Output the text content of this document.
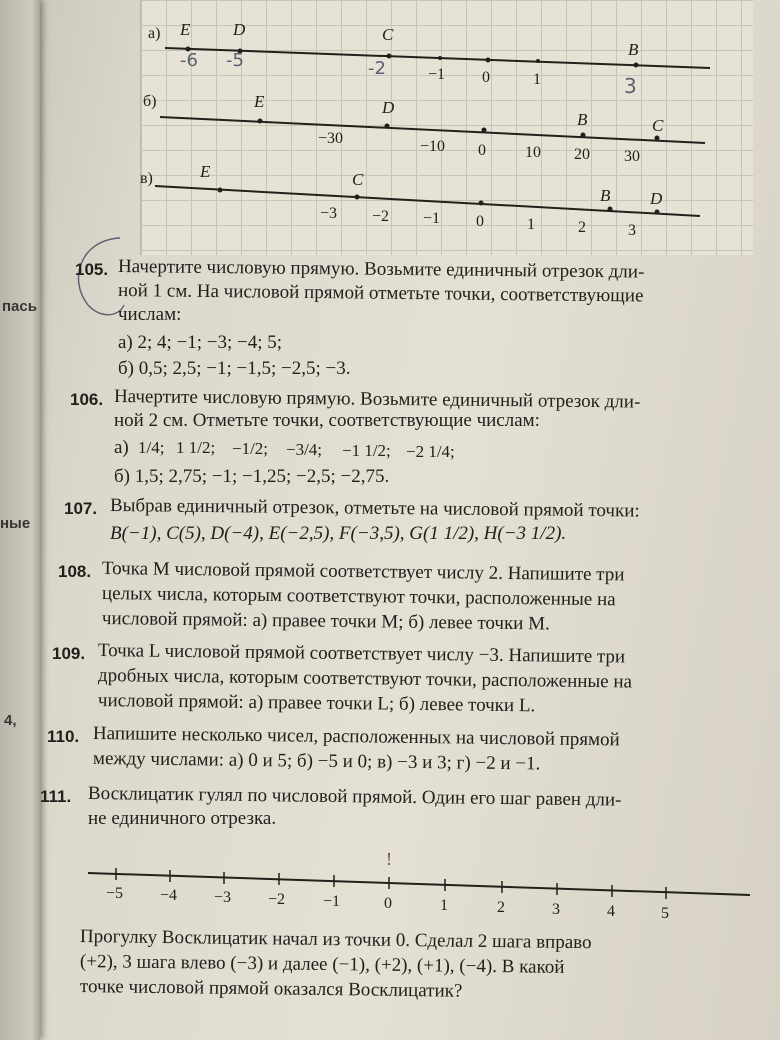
пась
ные
4,
а) E	D	C
B
−1 0	1
-6 -5	-2
3
б)	E	D
B	C
−30	−10 0 10 20 30
в)	E	C
B D
−3 −2 −1 0	1	2	3
105. Начертите числовую прямую. Возьмите единичный отрезок дли-
ной 1 см. На числовой прямой отметьте точки, соответствующие
числам:
а) 2; 4; −1; −3; −4; 5;
б) 0,5; 2,5; −1; −1,5; −2,5; −3.
106. Начертите числовую прямую. Возьмите единичный отрезок дли-
ной 2 см. Отметьте точки, соответствующие числам:
а) 1/4; 1 1/2; −1/2; −3/4; −1 1/2; −2 1/4;
б) 1,5; 2,75; −1; −1,25; −2,5; −2,75.
107. Выбрав единичный отрезок, отметьте на числовой прямой точки:
B(−1), C(5), D(−4), E(−2,5), F(−3,5), G(1 1/2), H(−3 1/2).
108. Точка M числовой прямой соответствует числу 2. Напишите три
целых числа, которым соответствуют точки, расположенные на
числовой прямой: а) правее точки M; б) левее точки M.
109. Точка L числовой прямой соответствует числу −3. Напишите три
дробных числа, которым соответствуют точки, расположенные на
числовой прямой: а) правее точки L; б) левее точки L.
110. Напишите несколько чисел, расположенных на числовой прямой
между числами: а) 0 и 5; б) −5 и 0; в) −3 и 3; г) −2 и −1.
111. Восклицатик гулял по числовой прямой. Один его шаг равен дли-
не единичного отрезка.
!
−5 −4 −3 −2 −1	0	1	2	3	4	5
Прогулку Восклицатик начал из точки 0. Сделал 2 шага вправо
(+2), 3 шага влево (−3) и далее (−1), (+2), (+1), (−4). В какой
точке числовой прямой оказался Восклицатик?
